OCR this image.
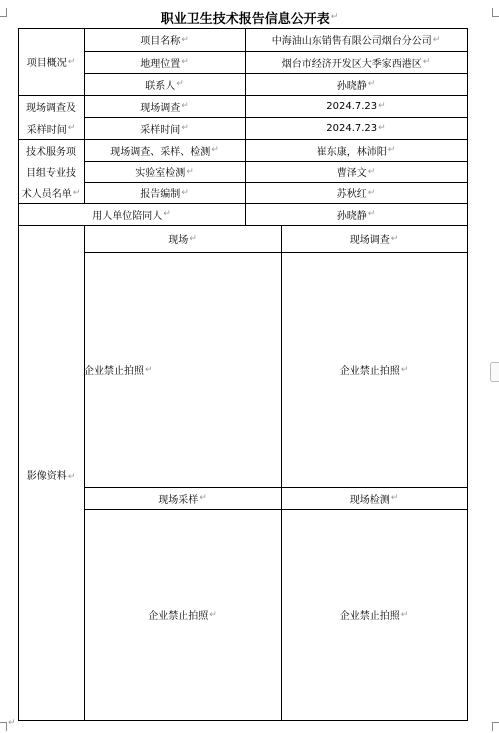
职业卫生技术报告信息公开表 ↵
项目概况 ↵
项目名称 ↵	中海油山东销售有限公司烟台分公司 ↵
地理位置 ↵	烟台市经济开发区大季家西港区 ↵
联系人 ↵	孙晓静 ↵
现场调查及
采样时间 ↵
现场调查 ↵	2024.7.23 ↵
采样时间 ↵	2024.7.23 ↵
技术服务项
目组专业技
术人员名单 ↵
现场调查、采样、检测 ↵	崔东康，林沛阳 ↵
实验室检测 ↵	曹泽文 ↵
报告编制 ↵	苏秋红 ↵
用人单位陪同人 ↵	孙晓静 ↵
影像资料 ↵
现场 ↵	现场调查 ↵
企业禁止拍照 ↵	企业禁止拍照 ↵
现场采样 ↵	现场检测 ↵
企业禁止拍照 ↵	企业禁止拍照 ↵
↵
